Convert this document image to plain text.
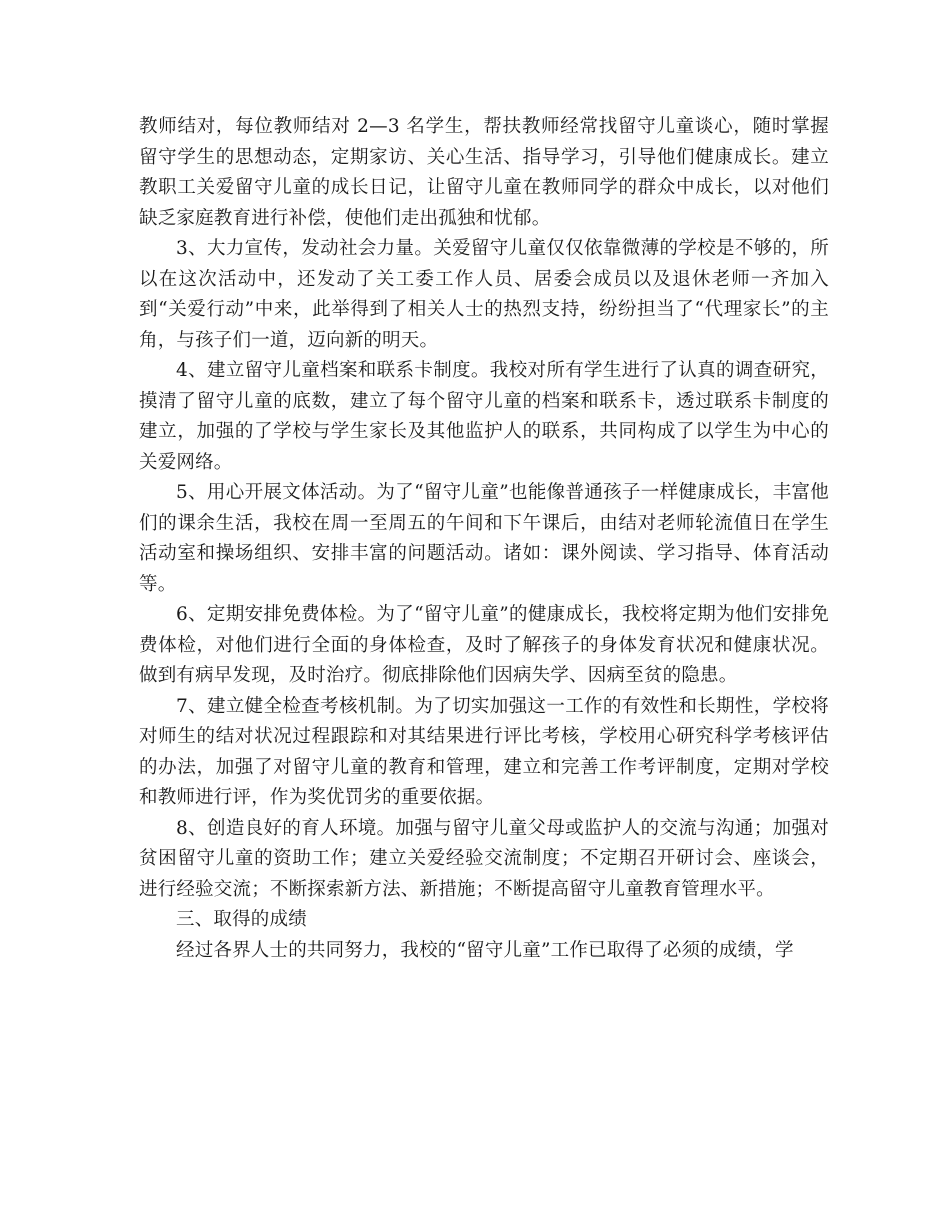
教师结对，每位教师结对 2—3 名学生，帮扶教师经常找留守儿童谈心，随时掌握留守学生的思想动态，定期家访、关心生活、指导学习，引导他们健康成长。建立教职工关爱留守儿童的成长日记，让留守儿童在教师同学的群众中成长，以对他们缺乏家庭教育进行补偿，使他们走出孤独和忧郁。

3、大力宣传，发动社会力量。关爱留守儿童仅仅依靠微薄的学校是不够的，所以在这次活动中，还发动了关工委工作人员、居委会成员以及退休老师一齐加入到“关爱行动”中来，此举得到了相关人士的热烈支持，纷纷担当了“代理家长”的主角，与孩子们一道，迈向新的明天。

4、建立留守儿童档案和联系卡制度。我校对所有学生进行了认真的调查研究，摸清了留守儿童的底数，建立了每个留守儿童的档案和联系卡，透过联系卡制度的建立，加强的了学校与学生家长及其他监护人的联系，共同构成了以学生为中心的关爱网络。

5、用心开展文体活动。为了“留守儿童”也能像普通孩子一样健康成长，丰富他们的课余生活，我校在周一至周五的午间和下午课后，由结对老师轮流值日在学生活动室和操场组织、安排丰富的问题活动。诸如：课外阅读、学习指导、体育活动等。

6、定期安排免费体检。为了“留守儿童”的健康成长，我校将定期为他们安排免费体检，对他们进行全面的身体检查，及时了解孩子的身体发育状况和健康状况。做到有病早发现，及时治疗。彻底排除他们因病失学、因病至贫的隐患。

7、建立健全检查考核机制。为了切实加强这一工作的有效性和长期性，学校将对师生的结对状况过程跟踪和对其结果进行评比考核，学校用心研究科学考核评估的办法，加强了对留守儿童的教育和管理，建立和完善工作考评制度，定期对学校和教师进行评，作为奖优罚劣的重要依据。

8、创造良好的育人环境。加强与留守儿童父母或监护人的交流与沟通；加强对贫困留守儿童的资助工作；建立关爱经验交流制度；不定期召开研讨会、座谈会，进行经验交流；不断探索新方法、新措施；不断提高留守儿童教育管理水平。

三、取得的成绩

经过各界人士的共同努力，我校的“留守儿童”工作已取得了必须的成绩，学
